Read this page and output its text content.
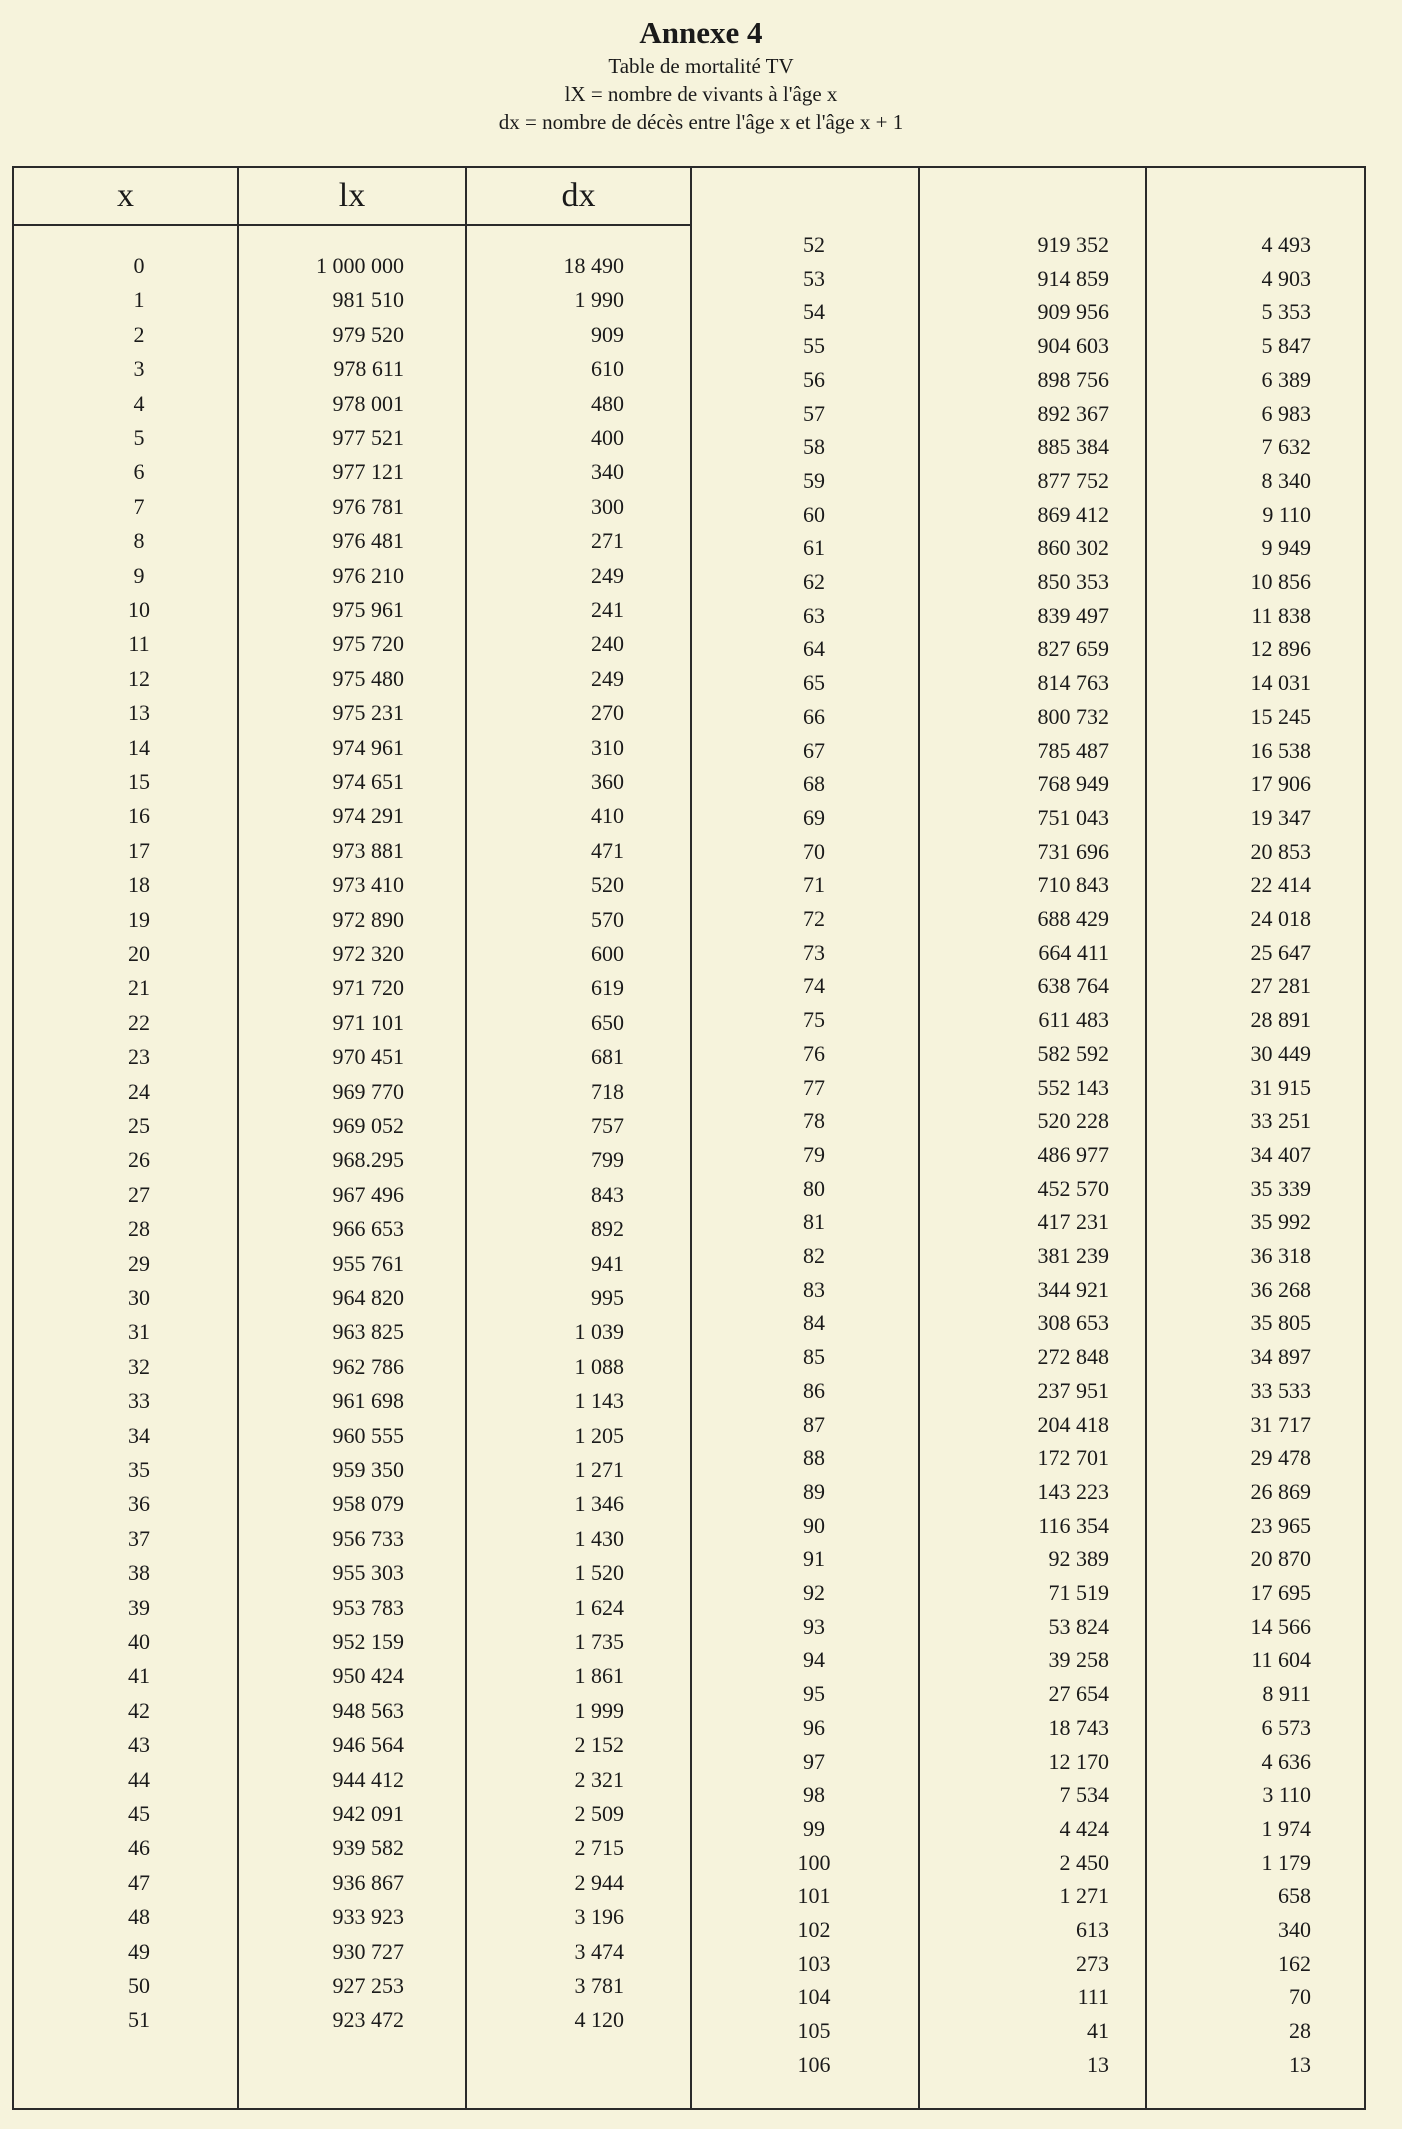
Annexe 4
Table de mortalité TV
lX = nombre de vivants à l'âge x
dx = nombre de décès entre l'âge x et l'âge x + 1
x	lx	dx
0	1 000 000	18 490
1	981 510	1 990
2	979 520	909
3	978 611	610
4	978 001	480
5	977 521	400
6	977 121	340
7	976 781	300
8	976 481	271
9	976 210	249
10	975 961	241
11	975 720	240
12	975 480	249
13	975 231	270
14	974 961	310
15	974 651	360
16	974 291	410
17	973 881	471
18	973 410	520
19	972 890	570
20	972 320	600
21	971 720	619
22	971 101	650
23	970 451	681
24	969 770	718
25	969 052	757
26	968.295	799
27	967 496	843
28	966 653	892
29	955 761	941
30	964 820	995
31	963 825	1 039
32	962 786	1 088
33	961 698	1 143
34	960 555	1 205
35	959 350	1 271
36	958 079	1 346
37	956 733	1 430
38	955 303	1 520
39	953 783	1 624
40	952 159	1 735
41	950 424	1 861
42	948 563	1 999
43	946 564	2 152
44	944 412	2 321
45	942 091	2 509
46	939 582	2 715
47	936 867	2 944
48	933 923	3 196
49	930 727	3 474
50	927 253	3 781
51	923 472	4 120
52	919 352	4 493
53	914 859	4 903
54	909 956	5 353
55	904 603	5 847
56	898 756	6 389
57	892 367	6 983
58	885 384	7 632
59	877 752	8 340
60	869 412	9 110
61	860 302	9 949
62	850 353	10 856
63	839 497	11 838
64	827 659	12 896
65	814 763	14 031
66	800 732	15 245
67	785 487	16 538
68	768 949	17 906
69	751 043	19 347
70	731 696	20 853
71	710 843	22 414
72	688 429	24 018
73	664 411	25 647
74	638 764	27 281
75	611 483	28 891
76	582 592	30 449
77	552 143	31 915
78	520 228	33 251
79	486 977	34 407
80	452 570	35 339
81	417 231	35 992
82	381 239	36 318
83	344 921	36 268
84	308 653	35 805
85	272 848	34 897
86	237 951	33 533
87	204 418	31 717
88	172 701	29 478
89	143 223	26 869
90	116 354	23 965
91	92 389	20 870
92	71 519	17 695
93	53 824	14 566
94	39 258	11 604
95	27 654	8 911
96	18 743	6 573
97	12 170	4 636
98	7 534	3 110
99	4 424	1 974
100	2 450	1 179
101	1 271	658
102	613	340
103	273	162
104	111	70
105	41	28
106	13	13
